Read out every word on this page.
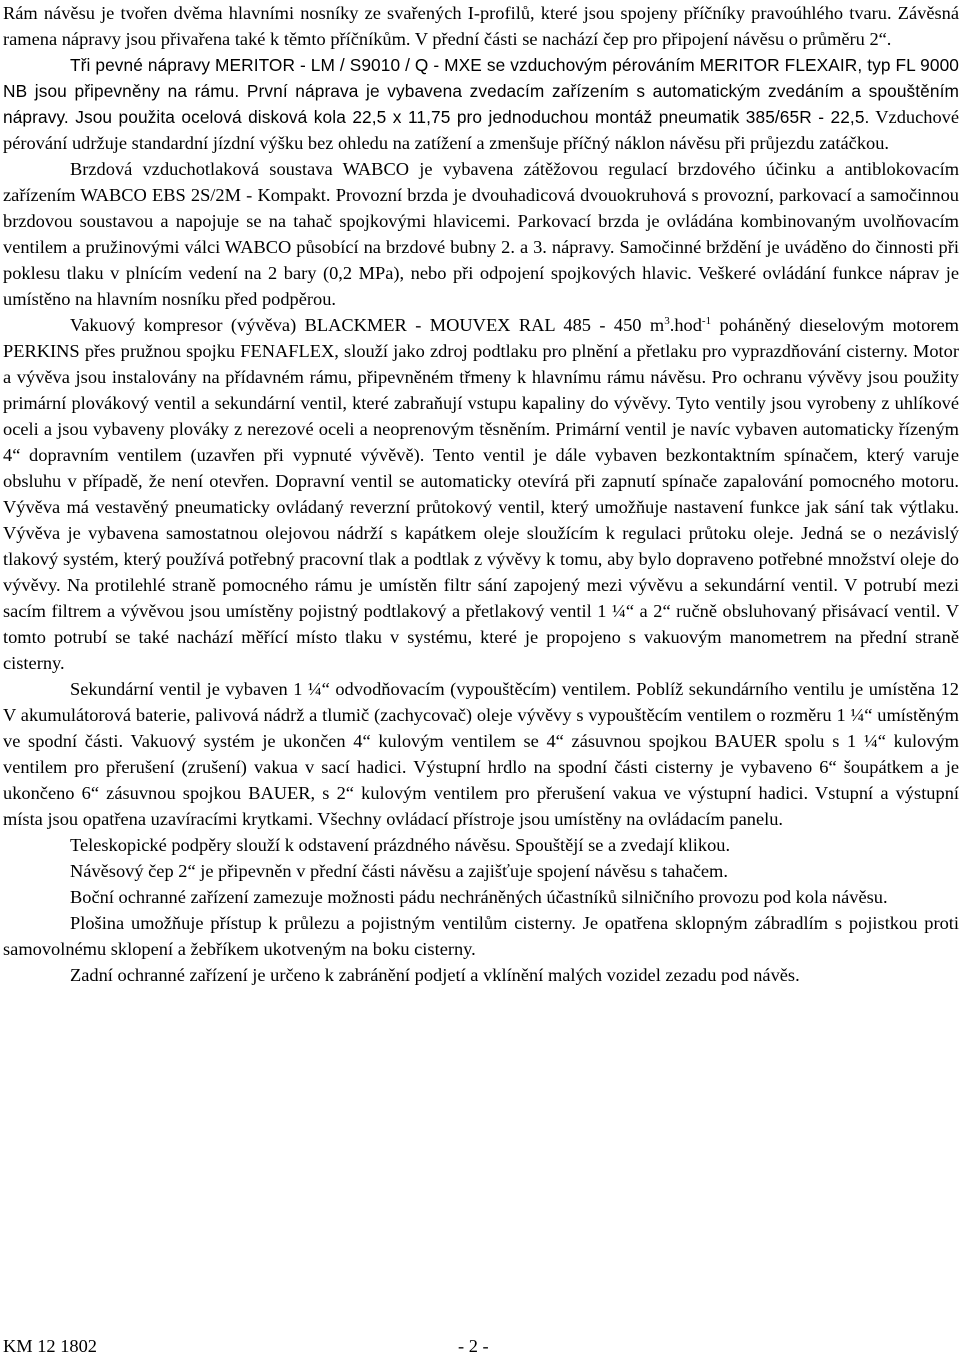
Rám návěsu je tvořen dvěma hlavními nosníky ze svařených I-profilů, které jsou spojeny příčníky pravoúhlého tvaru. Závěsná ramena nápravy jsou přivařena také k těmto příčníkům. V přední části se nachází čep pro připojení návěsu o průměru 2“.

Tři pevné nápravy MERITOR - LM / S9010 / Q - MXE se vzduchovým pérováním MERITOR FLEXAIR, typ FL 9000 NB jsou připevněny na rámu. První náprava je vybavena zvedacím zařízením s automatickým zvedáním a spouštěním nápravy. Jsou použita ocelová disková kola 22,5 x 11,75 pro jednoduchou montáž pneumatik 385/65R - 22,5. Vzduchové pérování udržuje standardní jízdní výšku bez ohledu na zatížení a zmenšuje příčný náklon návěsu při průjezdu zatáčkou.

Brzdová vzduchotlaková soustava WABCO je vybavena zátěžovou regulací brzdového účinku a antiblokovacím zařízením WABCO EBS 2S/2M - Kompakt. Provozní brzda je dvouhadicová dvouokruhová s provozní, parkovací a samočinnou brzdovou soustavou a napojuje se na tahač spojkovými hlavicemi. Parkovací brzda je ovládána kombinovaným uvolňovacím ventilem a pružinovými válci WABCO působící na brzdové bubny 2. a 3. nápravy. Samočinné brždění je uváděno do činnosti při poklesu tlaku v plnícím vedení na 2 bary (0,2 MPa), nebo při odpojení spojkových hlavic. Veškeré ovládání funkce náprav je umístěno na hlavním nosníku před podpěrou.

Vakuový kompresor (vývěva) BLACKMER - MOUVEX RAL 485 - 450 $m^3.hod^{-1}$ poháněný dieselovým motorem PERKINS přes pružnou spojku FENAFLEX, slouží jako zdroj podtlaku pro plnění a přetlaku pro vyprazdňování cisterny. Motor a vývěva jsou instalovány na přídavném rámu, připevněném třmeny k hlavnímu rámu návěsu. Pro ochranu vývěvy jsou použity primární plovákový ventil a sekundární ventil, které zabraňují vstupu kapaliny do vývěvy. Tyto ventily jsou vyrobeny z uhlíkové oceli a jsou vybaveny plováky z nerezové oceli a neoprenovým těsněním. Primární ventil je navíc vybaven automaticky řízeným 4“ dopravním ventilem (uzavřen při vypnuté vývěvě). Tento ventil je dále vybaven bezkontaktním spínačem, který varuje obsluhu v případě, že není otevřen. Dopravní ventil se automaticky otevírá při zapnutí spínače zapalování pomocného motoru. Vývěva má vestavěný pneumaticky ovládaný reverzní průtokový ventil, který umožňuje nastavení funkce jak sání tak výtlaku. Vývěva je vybavena samostatnou olejovou nádrží s kapátkem oleje sloužícím k regulaci průtoku oleje. Jedná se o nezávislý tlakový systém, který používá potřebný pracovní tlak a podtlak z vývěvy k tomu, aby bylo dopraveno potřebné množství oleje do vývěvy. Na protilehlé straně pomocného rámu je umístěn filtr sání zapojený mezi vývěvu a sekundární ventil. V potrubí mezi sacím filtrem a vývěvou jsou umístěny pojistný podtlakový a přetlakový ventil 1 ¼“ a 2“ ručně obsluhovaný přisávací ventil. V tomto potrubí se také nachází měřící místo tlaku v systému, které je propojeno s vakuovým manometrem na přední straně cisterny.

Sekundární ventil je vybaven 1 ¼“ odvodňovacím (vypouštěcím) ventilem. Poblíž sekundárního ventilu je umístěna 12 V akumulátorová baterie, palivová nádrž a tlumič (zachycovač) oleje vývěvy s vypouštěcím ventilem o rozměru 1 ¼“ umístěným ve spodní části. Vakuový systém je ukončen 4“ kulovým ventilem se 4“ zásuvnou spojkou BAUER spolu s 1 ¼“ kulovým ventilem pro přerušení (zrušení) vakua v sací hadici. Výstupní hrdlo na spodní části cisterny je vybaveno 6“ šoupátkem a je ukončeno 6“ zásuvnou spojkou BAUER, s 2“ kulovým ventilem pro přerušení vakua ve výstupní hadici. Vstupní a výstupní místa jsou opatřena uzavíracími krytkami. Všechny ovládací přístroje jsou umístěny na ovládacím panelu.

Teleskopické podpěry slouží k odstavení prázdného návěsu. Spouštějí se a zvedají klikou.

Návěsový čep 2“ je připevněn v přední části návěsu a zajišťuje spojení návěsu s tahačem.

Boční ochranné zařízení zamezuje možnosti pádu nechráněných účastníků silničního provozu pod kola návěsu.

Plošina umožňuje přístup k průlezu a pojistným ventilům cisterny. Je opatřena sklopným zábradlím s pojistkou proti samovolnému sklopení a žebříkem ukotveným na boku cisterny.

Zadní ochranné zařízení je určeno k zabránění podjetí a vklínění malých vozidel zezadu pod návěs.

KM 12 1802	- 2 -
